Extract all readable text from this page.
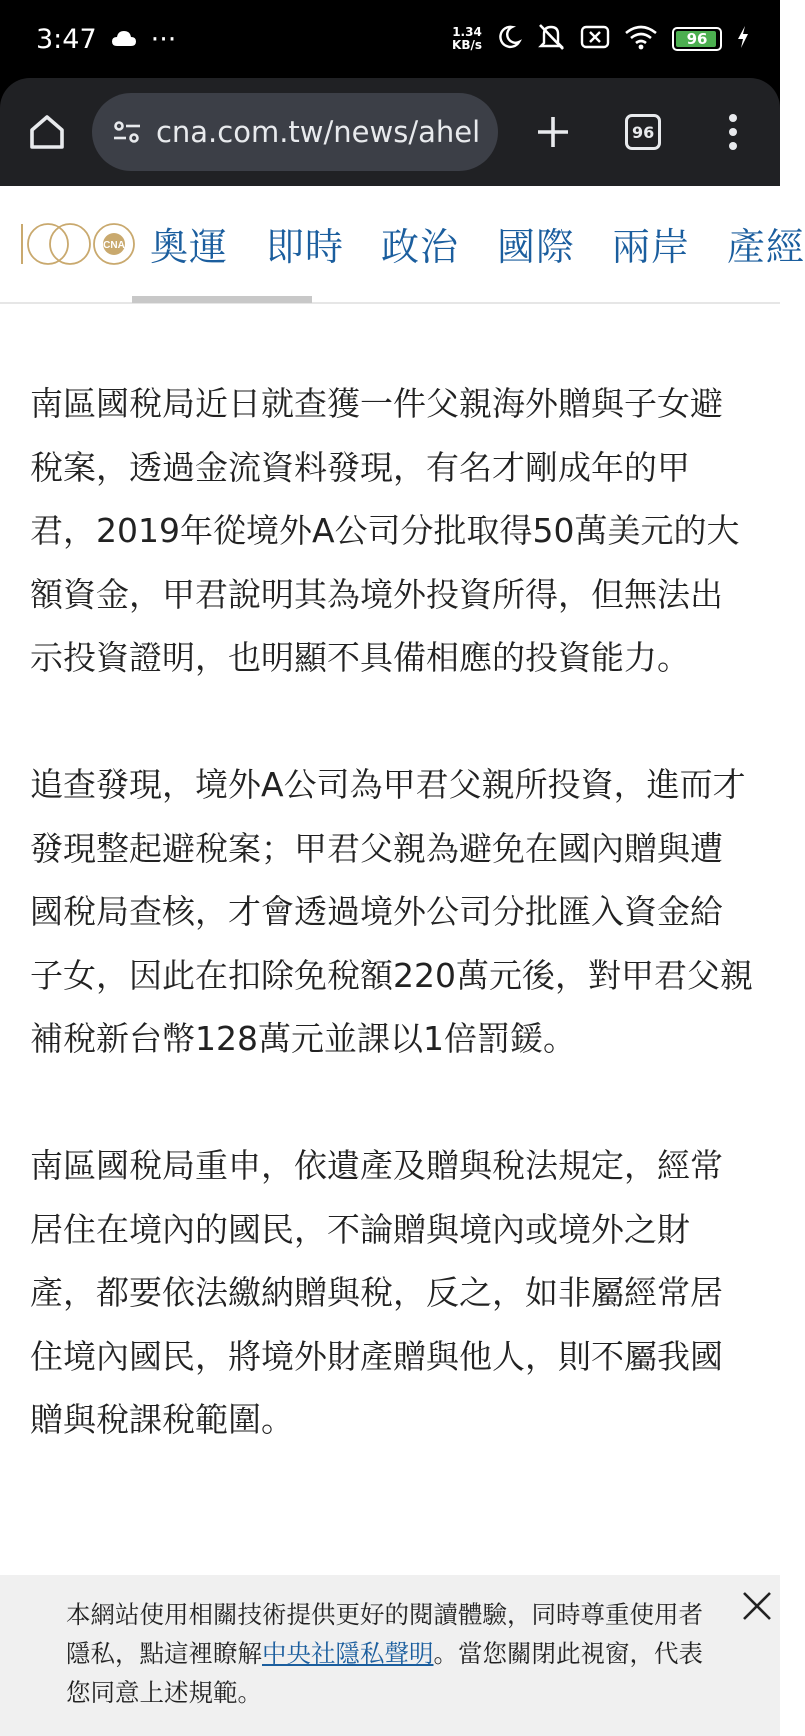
3:47 ···	1.34
KB/s	96
cna.com.tw/news/ahel	96
CNA 奧運 即時 政治 國際 兩岸 產經

南區國稅局近日就查獲一件父親海外贈與子女避稅案，透過金流資料發現，有名才剛成年的甲君，2019年從境外A公司分批取得50萬美元的大額資金，甲君說明其為境外投資所得，但無法出示投資證明，也明顯不具備相應的投資能力。

追查發現，境外A公司為甲君父親所投資，進而才發現整起避稅案；甲君父親為避免在國內贈與遭國稅局查核，才會透過境外公司分批匯入資金給子女，因此在扣除免稅額220萬元後，對甲君父親補稅新台幣128萬元並課以1倍罰鍰。

南區國稅局重申，依遺產及贈與稅法規定，經常居住在境內的國民，不論贈與境內或境外之財產，都要依法繳納贈與稅，反之，如非屬經常居住境內國民，將境外財產贈與他人，則不屬我國贈與稅課稅範圍。

本網站使用相關技術提供更好的閱讀體驗，同時尊重使用者隱私，點這裡瞭解中央社隱私聲明。當您關閉此視窗，代表您同意上述規範。
